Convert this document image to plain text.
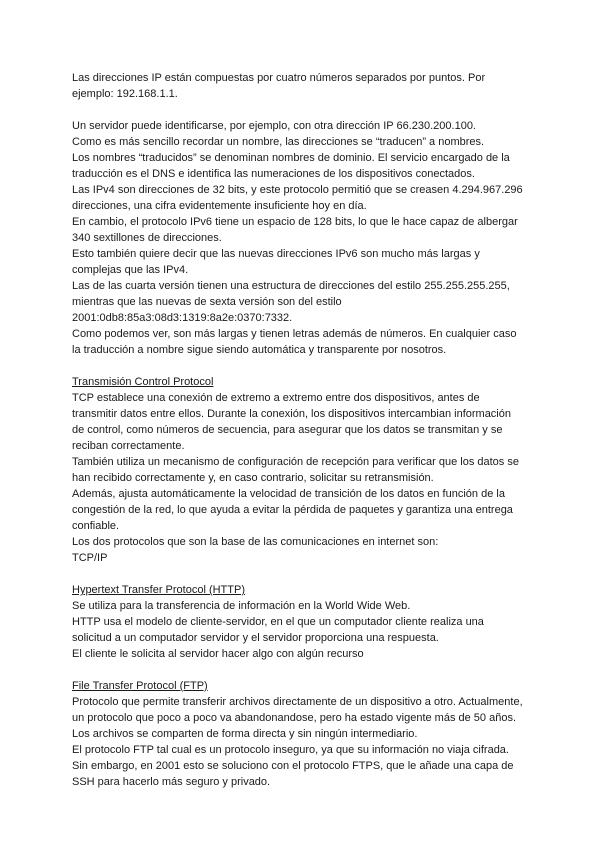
Las direcciones IP están compuestas por cuatro números separados por puntos. Por
ejemplo: 192.168.1.1.
Un servidor puede identificarse, por ejemplo, con otra dirección IP 66.230.200.100.
Como es más sencillo recordar un nombre, las direcciones se “traducen” a nombres.
Los nombres “traducidos” se denominan nombres de dominio. El servicio encargado de la
traducción es el DNS e identifica las numeraciones de los dispositivos conectados.
Las IPv4 son direcciones de 32 bits, y este protocolo permitió que se creasen 4.294.967.296
direcciones, una cifra evidentemente insuficiente hoy en día.
En cambio, el protocolo IPv6 tiene un espacio de 128 bits, lo que le hace capaz de albergar
340 sextillones de direcciones.
Esto también quiere decir que las nuevas direcciones IPv6 son mucho más largas y
complejas que las IPv4.
Las de las cuarta versión tienen una estructura de direcciones del estilo 255.255.255.255,
mientras que las nuevas de sexta versión son del estilo
2001:0db8:85a3:08d3:1319:8a2e:0370:7332.
Como podemos ver, son más largas y tienen letras además de números. En cualquier caso
la traducción a nombre sigue siendo automática y transparente por nosotros.
Transmisión Control Protocol
TCP establece una conexión de extremo a extremo entre dos dispositivos, antes de
transmitir datos entre ellos. Durante la conexión, los dispositivos intercambian información
de control, como números de secuencia, para asegurar que los datos se transmitan y se
reciban correctamente.
También utiliza un mecanismo de configuración de recepción para verificar que los datos se
han recibido correctamente y, en caso contrario, solicitar su retransmisión.
Además, ajusta automáticamente la velocidad de transición de los datos en función de la
congestión de la red, lo que ayuda a evitar la pérdida de paquetes y garantiza una entrega
confiable.
Los dos protocolos que son la base de las comunicaciones en internet son:
TCP/IP
Hypertext Transfer Protocol (HTTP)
Se utiliza para la transferencia de información en la World Wide Web.
HTTP usa el modelo de cliente-servidor, en el que un computador cliente realiza una
solicitud a un computador servidor y el servidor proporciona una respuesta.
El cliente le solicita al servidor hacer algo con algún recurso
File Transfer Protocol (FTP)
Protocolo que permite transferir archivos directamente de un dispositivo a otro. Actualmente,
un protocolo que poco a poco va abandonandose, pero ha estado vigente más de 50 años.
Los archivos se comparten de forma directa y sin ningún intermediario.
El protocolo FTP tal cual es un protocolo inseguro, ya que su información no viaja cifrada.
Sin embargo, en 2001 esto se soluciono con el protocolo FTPS, que le añade una capa de
SSH para hacerlo más seguro y privado.
